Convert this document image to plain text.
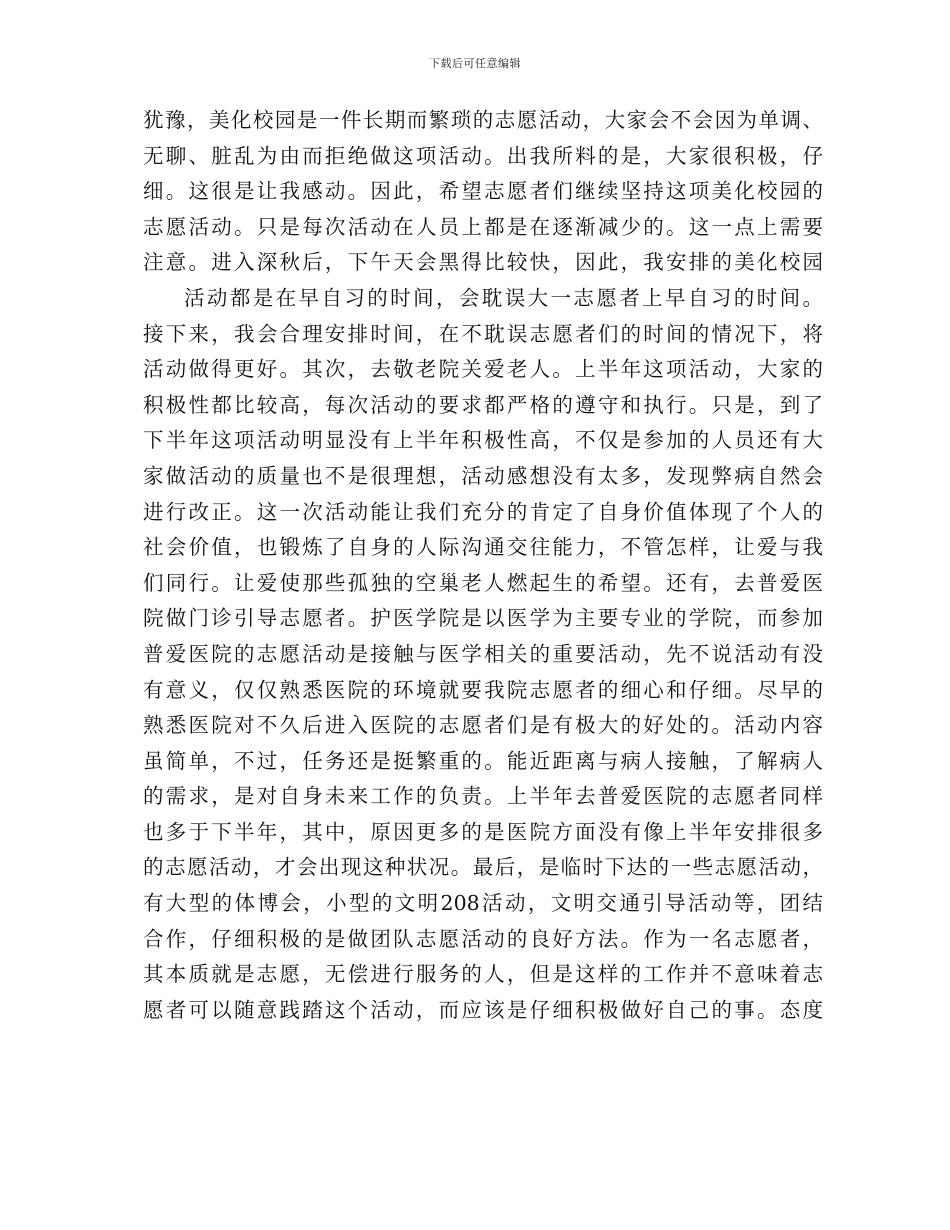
下载后可任意编辑
犹豫，美化校园是一件长期而繁琐的志愿活动，大家会不会因为单调、
无聊、脏乱为由而拒绝做这项活动。出我所料的是，大家很积极，仔
细。这很是让我感动。因此，希望志愿者们继续坚持这项美化校园的
志愿活动。只是每次活动在人员上都是在逐渐减少的。这一点上需要
注意。进入深秋后，下午天会黑得比较快，因此，我安排的美化校园
活动都是在早自习的时间，会耽误大一志愿者上早自习的时间。
接下来，我会合理安排时间，在不耽误志愿者们的时间的情况下，将
活动做得更好。其次，去敬老院关爱老人。上半年这项活动，大家的
积极性都比较高，每次活动的要求都严格的遵守和执行。只是，到了
下半年这项活动明显没有上半年积极性高，不仅是参加的人员还有大
家做活动的质量也不是很理想，活动感想没有太多，发现弊病自然会
进行改正。这一次活动能让我们充分的肯定了自身价值体现了个人的
社会价值，也锻炼了自身的人际沟通交往能力，不管怎样，让爱与我
们同行。让爱使那些孤独的空巢老人燃起生的希望。还有，去普爱医
院做门诊引导志愿者。护医学院是以医学为主要专业的学院，而参加
普爱医院的志愿活动是接触与医学相关的重要活动，先不说活动有没
有意义，仅仅熟悉医院的环境就要我院志愿者的细心和仔细。尽早的
熟悉医院对不久后进入医院的志愿者们是有极大的好处的。活动内容
虽简单，不过，任务还是挺繁重的。能近距离与病人接触，了解病人
的需求，是对自身未来工作的负责。上半年去普爱医院的志愿者同样
也多于下半年，其中，原因更多的是医院方面没有像上半年安排很多
的志愿活动，才会出现这种状况。最后，是临时下达的一些志愿活动，
有大型的体博会，小型的文明208活动，文明交通引导活动等，团结
合作，仔细积极的是做团队志愿活动的良好方法。作为一名志愿者，
其本质就是志愿，无偿进行服务的人，但是这样的工作并不意味着志
愿者可以随意践踏这个活动，而应该是仔细积极做好自己的事。态度
